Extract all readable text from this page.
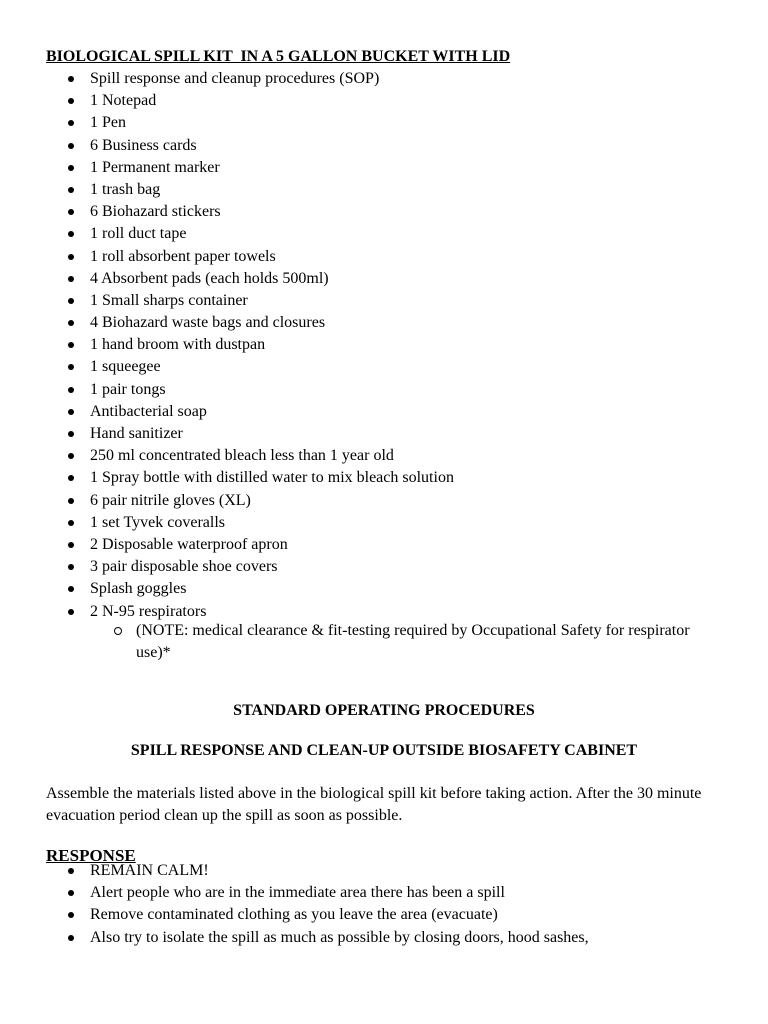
BIOLOGICAL SPILL KIT  IN A 5 GALLON BUCKET WITH LID
Spill response and cleanup procedures (SOP)
1 Notepad
1 Pen
6 Business cards
1 Permanent marker
1 trash bag
6 Biohazard stickers
1 roll duct tape
1 roll absorbent paper towels
4 Absorbent pads (each holds 500ml)
1 Small sharps container
4 Biohazard waste bags and closures
1 hand broom with dustpan
1 squeegee
1 pair tongs
Antibacterial soap
Hand sanitizer
250 ml concentrated bleach less than 1 year old
1 Spray bottle with distilled water to mix bleach solution
6 pair nitrile gloves (XL)
1 set Tyvek coveralls
2 Disposable waterproof apron
3 pair disposable shoe covers
Splash goggles
2 N-95 respirators
(NOTE: medical clearance & fit-testing required by Occupational Safety for respirator use)*
STANDARD OPERATING PROCEDURES
SPILL RESPONSE AND CLEAN-UP OUTSIDE BIOSAFETY CABINET
Assemble the materials listed above in the biological spill kit before taking action. After the 30 minute evacuation period clean up the spill as soon as possible.
RESPONSE
REMAIN CALM!
Alert people who are in the immediate area there has been a spill
Remove contaminated clothing as you leave the area (evacuate)
Also try to isolate the spill as much as possible by closing doors, hood sashes,
